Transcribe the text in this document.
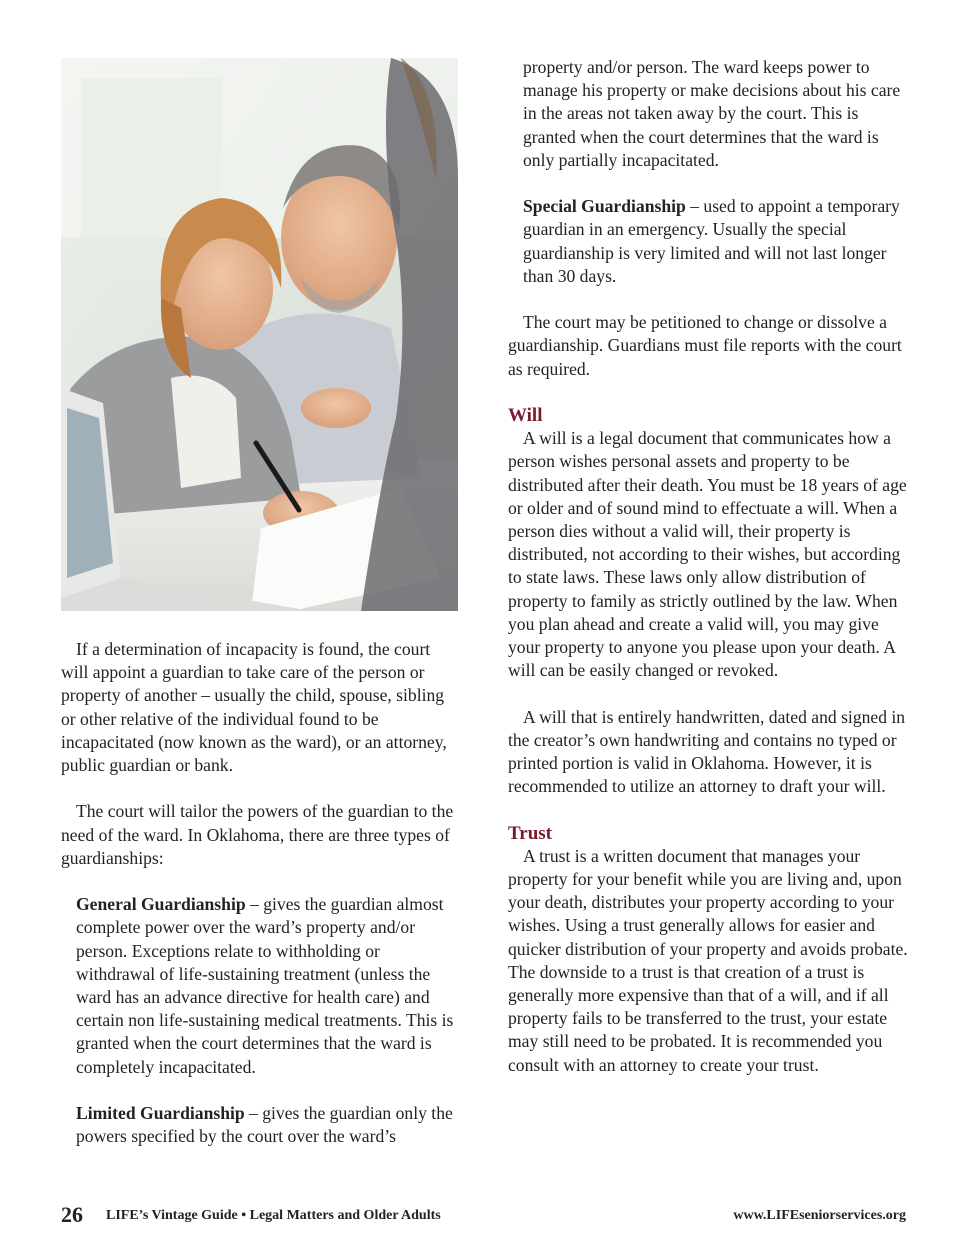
If a determination of incapacity is found, the court will appoint a guardian to take care of the person or property of another – usually the child, spouse, sibling or other relative of the individual found to be incapacitated (now known as the ward), or an attorney, public guardian or bank.

The court will tailor the powers of the guardian to the need of the ward. In Oklahoma, there are three types of guardianships:

General Guardianship – gives the guardian almost complete power over the ward’s property and/or person. Exceptions relate to withholding or withdrawal of life-sustaining treatment (unless the ward has an advance directive for health care) and certain non life-sustaining medical treatments. This is granted when the court determines that the ward is completely incapacitated.

Limited Guardianship – gives the guardian only the powers specified by the court over the ward’s

property and/or person. The ward keeps power to manage his property or make decisions about his care in the areas not taken away by the court. This is granted when the court determines that the ward is only partially incapacitated.

Special Guardianship – used to appoint a temporary guardian in an emergency. Usually the special guardianship is very limited and will not last longer than 30 days.

The court may be petitioned to change or dissolve a guardianship. Guardians must file reports with the court as required.

Will

A will is a legal document that communicates how a person wishes personal assets and property to be distributed after their death. You must be 18 years of age or older and of sound mind to effectuate a will. When a person dies without a valid will, their property is distributed, not according to their wishes, but according to state laws. These laws only allow distribution of property to family as strictly outlined by the law. When you plan ahead and create a valid will, you may give your property to anyone you please upon your death. A will can be easily changed or revoked.

A will that is entirely handwritten, dated and signed in the creator’s own handwriting and contains no typed or printed portion is valid in Oklahoma. However, it is recommended to utilize an attorney to draft your will.

Trust

A trust is a written document that manages your property for your benefit while you are living and, upon your death, distributes your property according to your wishes. Using a trust generally allows for easier and quicker distribution of your property and avoids probate. The downside to a trust is that creation of a trust is generally more expensive than that of a will, and if all property fails to be transferred to the trust, your estate may still need to be probated. It is recommended you consult with an attorney to create your trust.

26 LIFE’s Vintage Guide • Legal Matters and Older Adults	www.LIFEseniorservices.org
